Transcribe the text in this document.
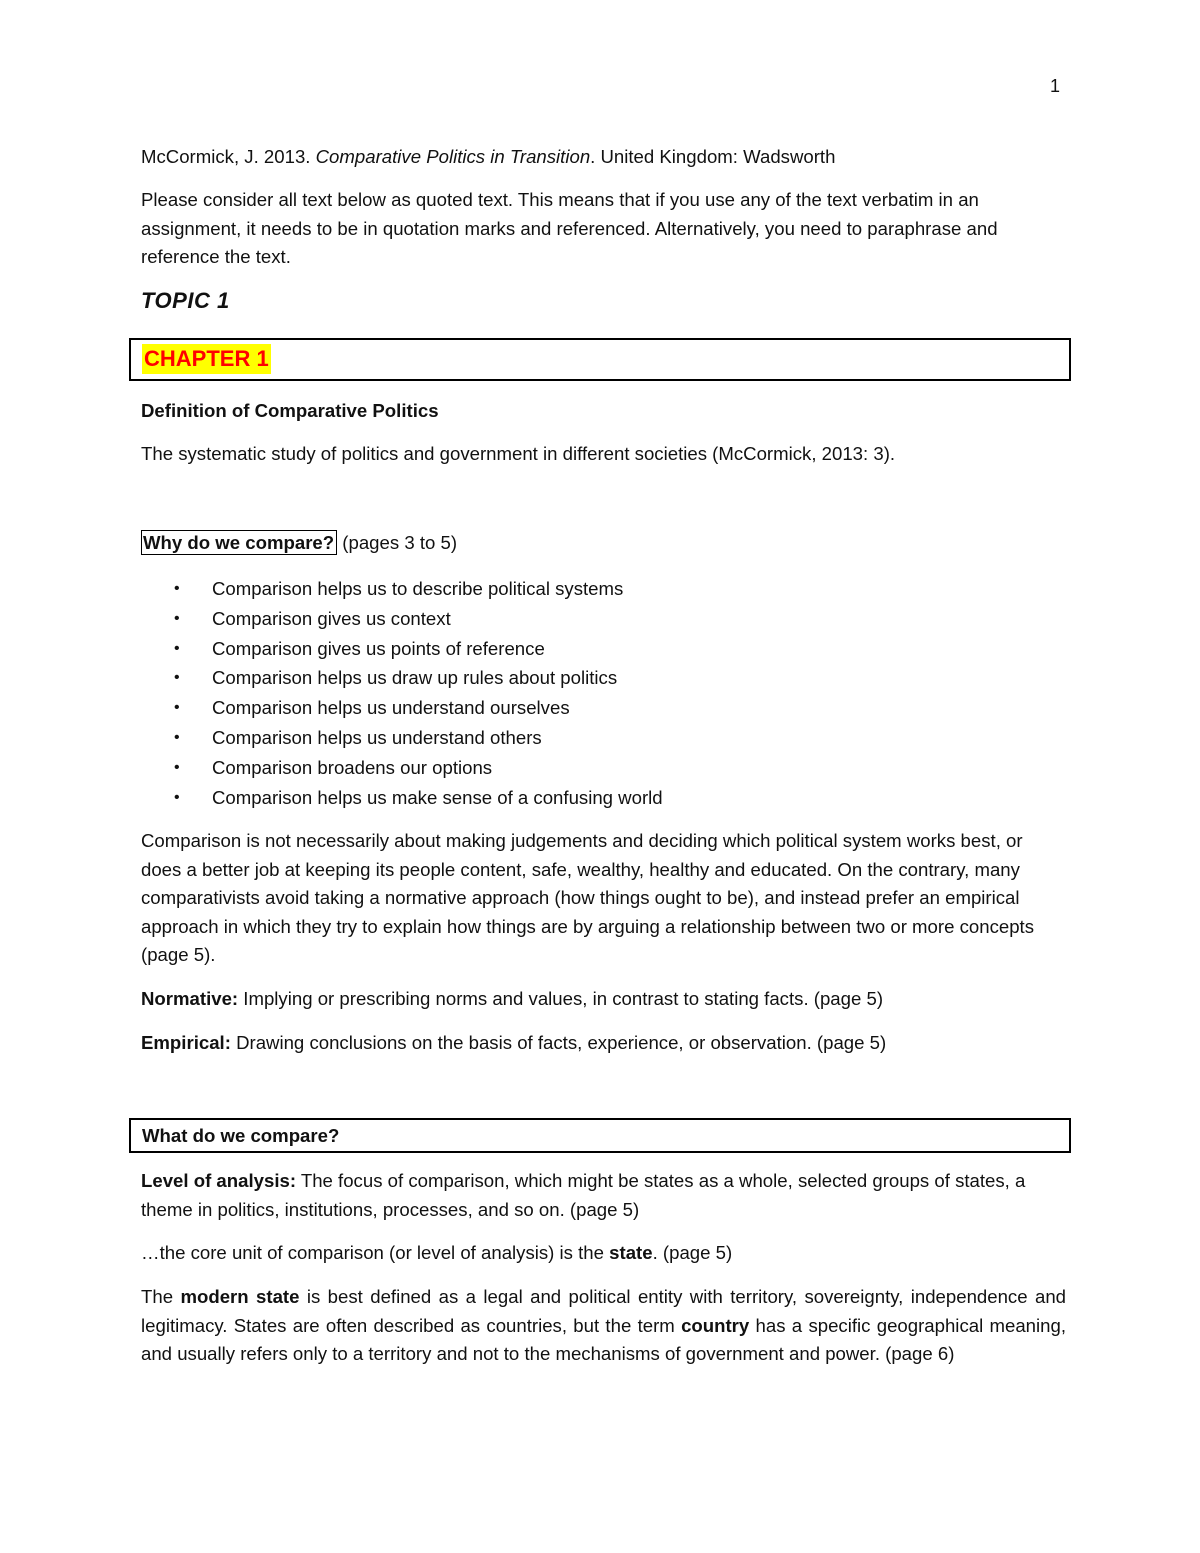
1
McCormick, J. 2013. Comparative Politics in Transition. United Kingdom: Wadsworth
Please consider all text below as quoted text. This means that if you use any of the text verbatim in an assignment, it needs to be in quotation marks and referenced. Alternatively, you need to paraphrase and reference the text.
TOPIC 1
CHAPTER 1
Definition of Comparative Politics
The systematic study of politics and government in different societies (McCormick, 2013: 3).
Why do we compare? (pages 3 to 5)
• Comparison helps us to describe political systems
• Comparison gives us context
• Comparison gives us points of reference
• Comparison helps us draw up rules about politics
• Comparison helps us understand ourselves
• Comparison helps us understand others
• Comparison broadens our options
• Comparison helps us make sense of a confusing world
Comparison is not necessarily about making judgements and deciding which political system works best, or does a better job at keeping its people content, safe, wealthy, healthy and educated. On the contrary, many comparativists avoid taking a normative approach (how things ought to be), and instead prefer an empirical approach in which they try to explain how things are by arguing a relationship between two or more concepts (page 5).
Normative: Implying or prescribing norms and values, in contrast to stating facts. (page 5)
Empirical: Drawing conclusions on the basis of facts, experience, or observation. (page 5)
What do we compare?
Level of analysis: The focus of comparison, which might be states as a whole, selected groups of states, a theme in politics, institutions, processes, and so on. (page 5)
…the core unit of comparison (or level of analysis) is the state. (page 5)
The modern state is best defined as a legal and political entity with territory, sovereignty, independence and legitimacy. States are often described as countries, but the term country has a specific geographical meaning, and usually refers only to a territory and not to the mechanisms of government and power. (page 6)
